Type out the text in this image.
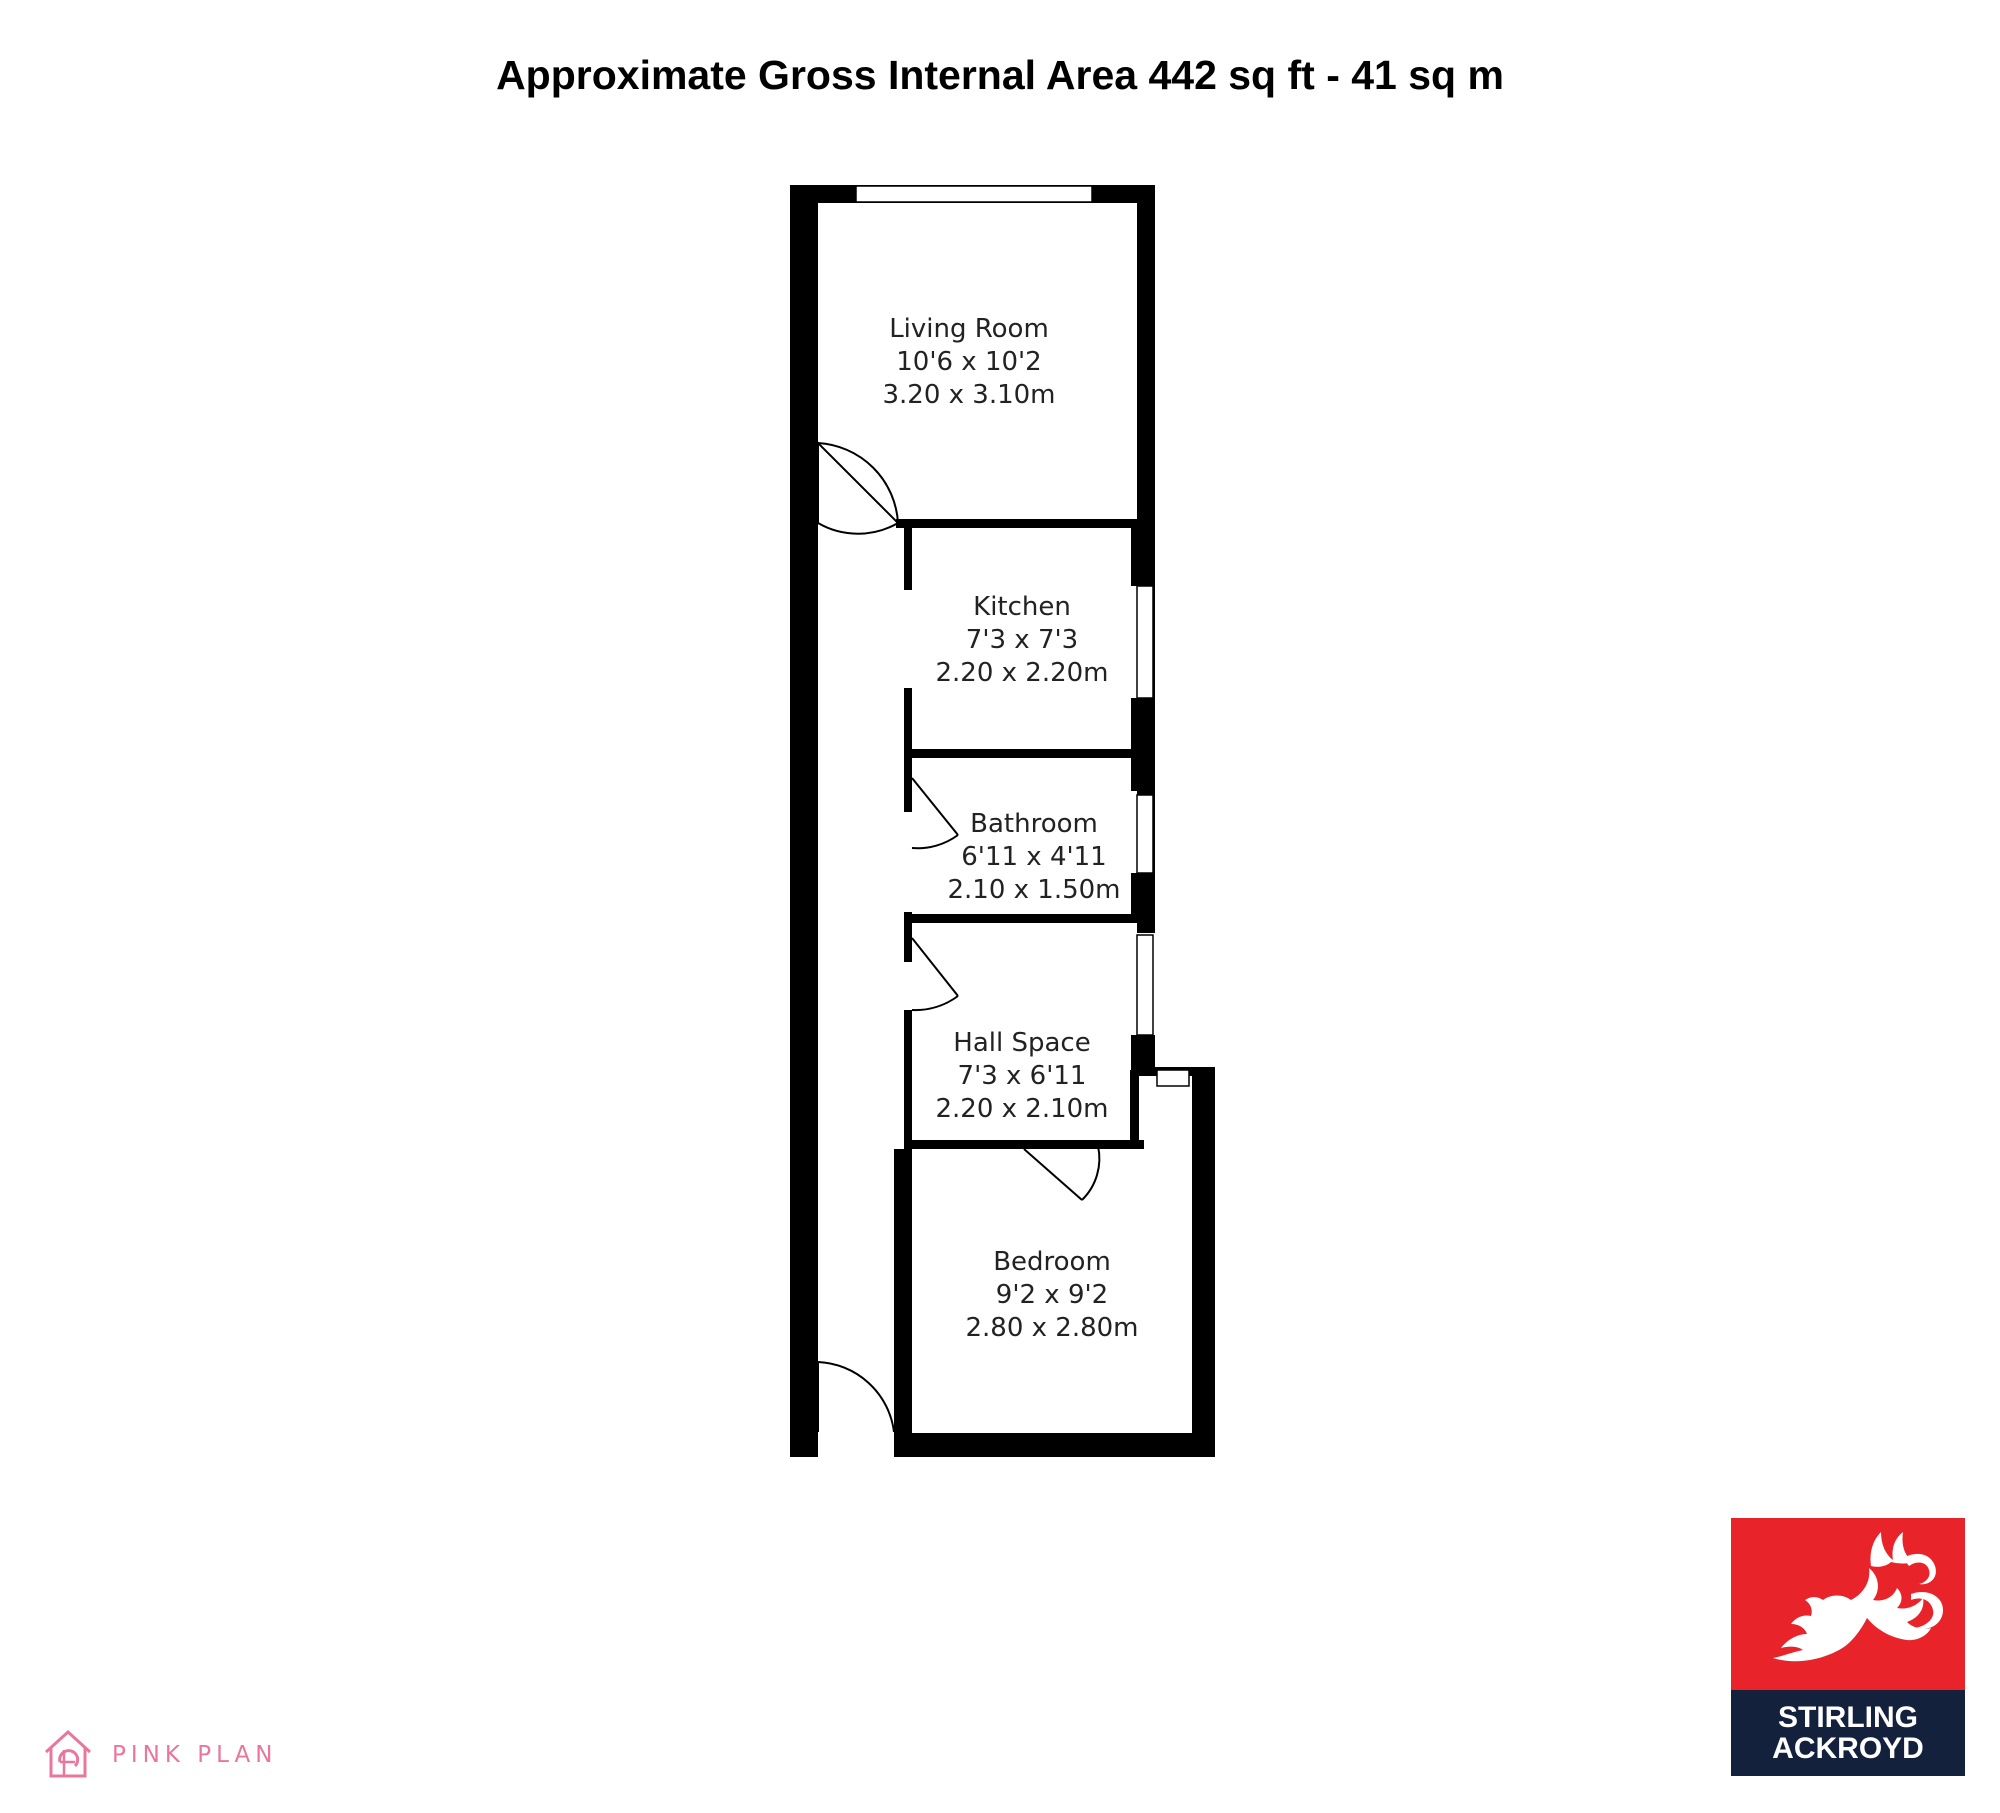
Approximate Gross Internal Area 442 sq ft - 41 sq m
Living Room
10'6 x 10'2
3.20 x 3.10m
Kitchen
7'3 x 7'3
2.20 x 2.20m
Bathroom
6'11 x 4'11
2.10 x 1.50m
Hall Space
7'3 x 6'11
2.20 x 2.10m
Bedroom
9'2 x 9'2
2.80 x 2.80m
PINK PLAN
STIRLING
ACKROYD
